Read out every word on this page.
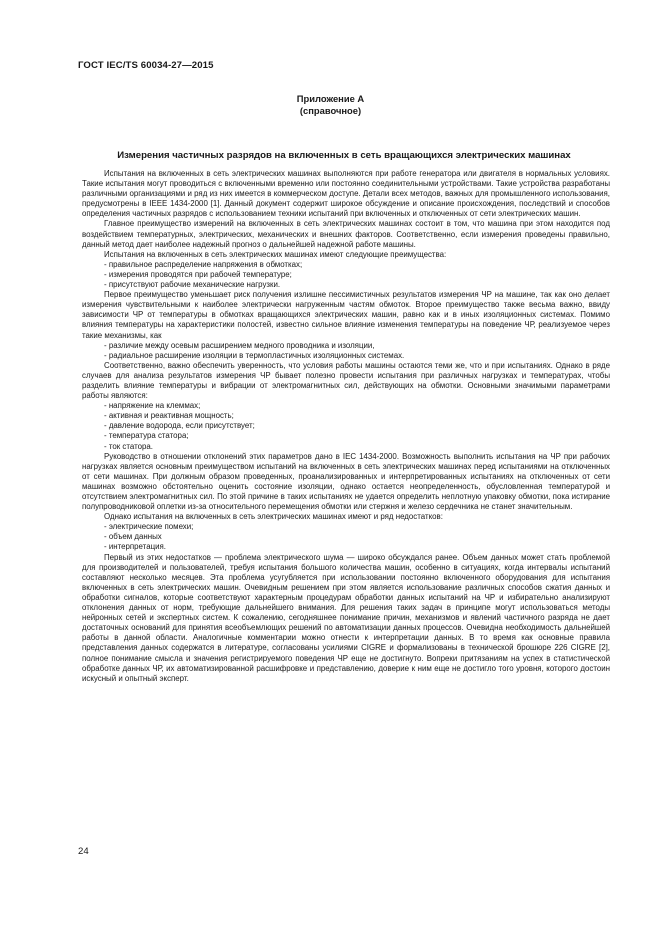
ГОСТ IEC/TS 60034-27—2015
Приложение А
(справочное)
Измерения частичных разрядов на включенных в сеть вращающихся электрических машинах

Испытания на включенных в сеть электрических машинах выполняются при работе генератора или двигателя в нормальных условиях. Такие испытания могут проводиться с включенными временно или постоянно соединительными устройствами. Такие устройства разработаны различными организациями и ряд из них имеется в коммерческом доступе. Детали всех методов, важных для промышленного использования, предусмотрены в IEEE 1434-2000 [1]. Данный документ содержит широкое обсуждение и описание происхождения, последствий и способов определения частичных разрядов с использованием техники испытаний при включенных и отключенных от сети электрических машин.

Главное преимущество измерений на включенных в сеть электрических машинах состоит в том, что машина при этом находится под воздействием температурных, электрических, механических и внешних факторов. Соответственно, если измерения проведены правильно, данный метод дает наиболее надежный прогноз о дальнейшей надежной работе машины.

Испытания на включенных в сеть электрических машинах имеют следующие преимущества:

- правильное распределение напряжения в обмотках;
- измерения проводятся при рабочей температуре;
- присутствуют рабочие механические нагрузки.

Первое преимущество уменьшает риск получения излишне пессимистичных результатов измерения ЧР на машине, так как оно делает измерения чувствительными к наиболее электрически нагруженным частям обмоток. Второе преимущество также весьма важно, ввиду зависимости ЧР от температуры в обмотках вращающихся электрических машин, равно как и в иных изоляционных системах. Помимо влияния температуры на характеристики полостей, известно сильное влияние изменения температуры на поведение ЧР, реализуемое через такие механизмы, как

- различие между осевым расширением медного проводника и изоляции,
- радиальное расширение изоляции в термопластичных изоляционных системах.

Соответственно, важно обеспечить уверенность, что условия работы машины остаются теми же, что и при испытаниях. Однако в ряде случаев для анализа результатов измерения ЧР бывает полезно провести испытания при различных нагрузках и температурах, чтобы разделить влияние температуры и вибрации от электромагнитных сил, действующих на обмотки. Основными значимыми параметрами работы являются:

- напряжение на клеммах;
- активная и реактивная мощность;
- давление водорода, если присутствует;
- температура статора;
- ток статора.

Руководство в отношении отклонений этих параметров дано в IEC 1434-2000. Возможность выполнить испытания на ЧР при рабочих нагрузках является основным преимуществом испытаний на включенных в сеть электрических машинах перед испытаниями на отключенных от сети машинах. При должным образом проведенных, проанализированных и интерпретированных испытаниях на отключенных от сети машинах возможно обстоятельно оценить состояние изоляции, однако остается неопределенность, обусловленная температурой и отсутствием электромагнитных сил. По этой причине в таких испытаниях не удается определить неплотную упаковку обмотки, пока истирание полупроводниковой оплетки из-за относительного перемещения обмотки или стержня и железо сердечника не станет значительным.

Однако испытания на включенных в сеть электрических машинах имеют и ряд недостатков:

- электрические помехи;
- объем данных
- интерпретация.

Первый из этих недостатков — проблема электрического шума — широко обсуждался ранее. Объем данных может стать проблемой для производителей и пользователей, требуя испытания большого количества машин, особенно в ситуациях, когда интервалы испытаний составляют несколько месяцев. Эта проблема усугубляется при использовании постоянно включенного оборудования для испытания включенных в сеть электрических машин. Очевидным решением при этом является использование различных способов сжатия данных и обработки сигналов, которые соответствуют характерным процедурам обработки данных испытаний на ЧР и избирательно анализируют отклонения данных от норм, требующие дальнейшего внимания. Для решения таких задач в принципе могут использоваться методы нейронных сетей и экспертных систем. К сожалению, сегодняшнее понимание причин, механизмов и явлений частичного разряда не дает достаточных оснований для принятия всеобъемлющих решений по автоматизации данных процессов. Очевидна необходимость дальнейшей работы в данной области. Аналогичные комментарии можно отнести к интерпретации данных. В то время как основные правила представления данных содержатся в литературе, согласованы усилиями CIGRE и формализованы в технической брошюре 226 CIGRE [2], полное понимание смысла и значения регистрируемого поведения ЧР еще не достигнуто. Вопреки притязаниям на успех в статистической обработке данных ЧР, их автоматизированной расшифровке и представлению, доверие к ним еще не достигло того уровня, которого достоин искусный и опытный эксперт.

24
